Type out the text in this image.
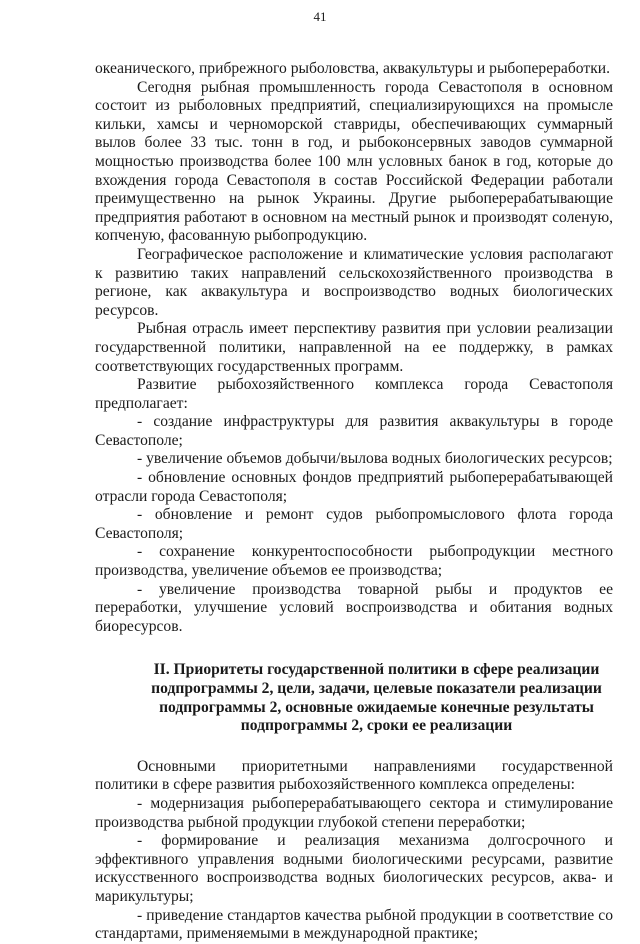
41

океанического, прибрежного рыболовства, аквакультуры и рыбопереработки.

Сегодня рыбная промышленность города Севастополя в основном состоит из рыболовных предприятий, специализирующихся на промысле кильки, хамсы и черноморской ставриды, обеспечивающих суммарный вылов более 33 тыс. тонн в год, и рыбоконсервных заводов суммарной мощностью производства более 100 млн условных банок в год, которые до вхождения города Севастополя в состав Российской Федерации работали преимущественно на рынок Украины. Другие рыбоперерабатывающие предприятия работают в основном на местный рынок и производят соленую, копченую, фасованную рыбопродукцию.

Географическое расположение и климатические условия располагают к развитию таких направлений сельскохозяйственного производства в регионе, как аквакультура и воспроизводство водных биологических ресурсов.

Рыбная отрасль имеет перспективу развития при условии реализации государственной политики, направленной на ее поддержку, в рамках соответствующих государственных программ.

Развитие рыбохозяйственного комплекса города Севастополя предполагает:

- создание инфраструктуры для развития аквакультуры в городе Севастополе;

- увеличение объемов добычи/вылова водных биологических ресурсов;

- обновление основных фондов предприятий рыбоперерабатывающей отрасли города Севастополя;

- обновление и ремонт судов рыбопромыслового флота города Севастополя;

- сохранение конкурентоспособности рыбопродукции местного производства, увеличение объемов ее производства;

- увеличение производства товарной рыбы и продуктов ее переработки, улучшение условий воспроизводства и обитания водных биоресурсов.

II. Приоритеты государственной политики в сфере реализации подпрограммы 2, цели, задачи, целевые показатели реализации подпрограммы 2, основные ожидаемые конечные результаты подпрограммы 2, сроки ее реализации

Основными приоритетными направлениями государственной политики в сфере развития рыбохозяйственного комплекса определены:

- модернизация рыбоперерабатывающего сектора и стимулирование производства рыбной продукции глубокой степени переработки;

- формирование и реализация механизма долгосрочного и эффективного управления водными биологическими ресурсами, развитие искусственного воспроизводства водных биологических ресурсов, аква- и марикультуры;

- приведение стандартов качества рыбной продукции в соответствие со стандартами, применяемыми в международной практике;
